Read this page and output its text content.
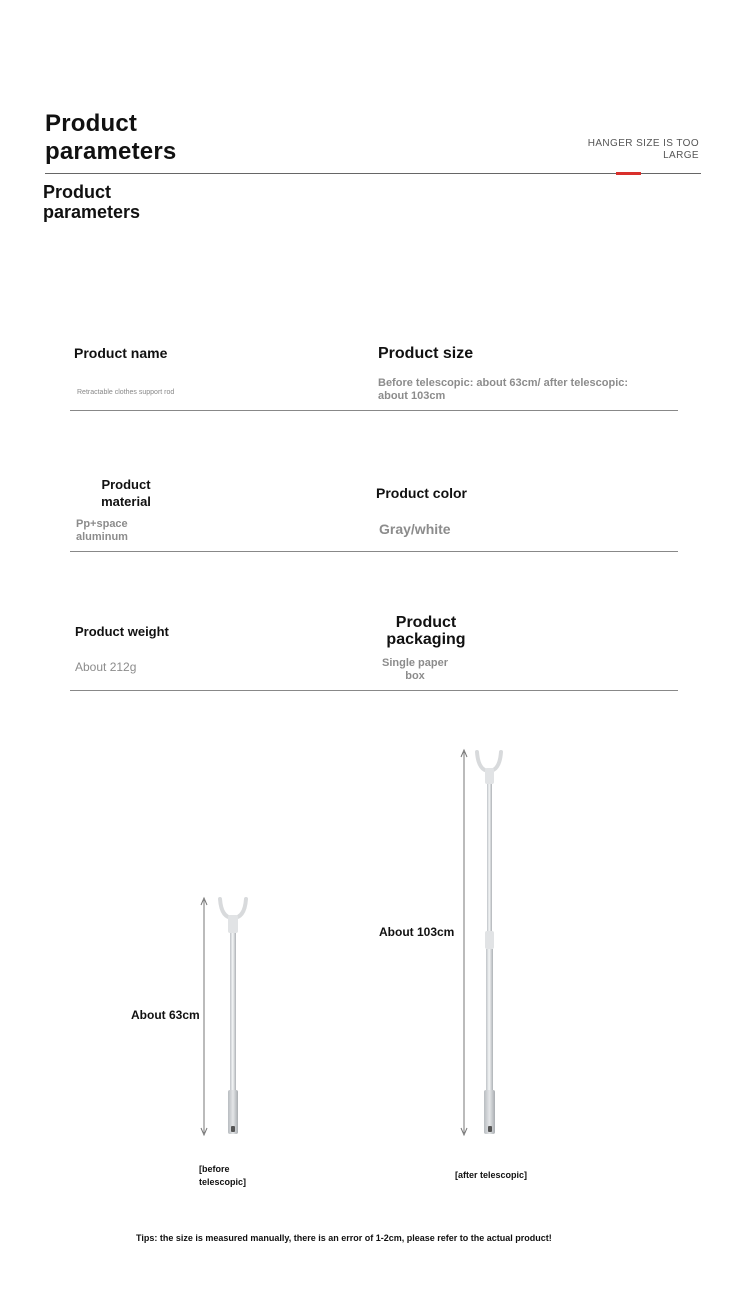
Product parameters	HANGER SIZE IS TOO
LARGE
Product parameters
Product name
Retractable clothes support rod
Product size
Before telescopic: about 63cm/ after telescopic: about 103cm
Product material
Pp+space aluminum
Product color
Gray/white
Product weight
About 212g
Product packaging
Single paper box
About 63cm
About 103cm
[before telescopic]
[after telescopic]
Tips: the size is measured manually, there is an error of 1-2cm, please refer to the actual product!
